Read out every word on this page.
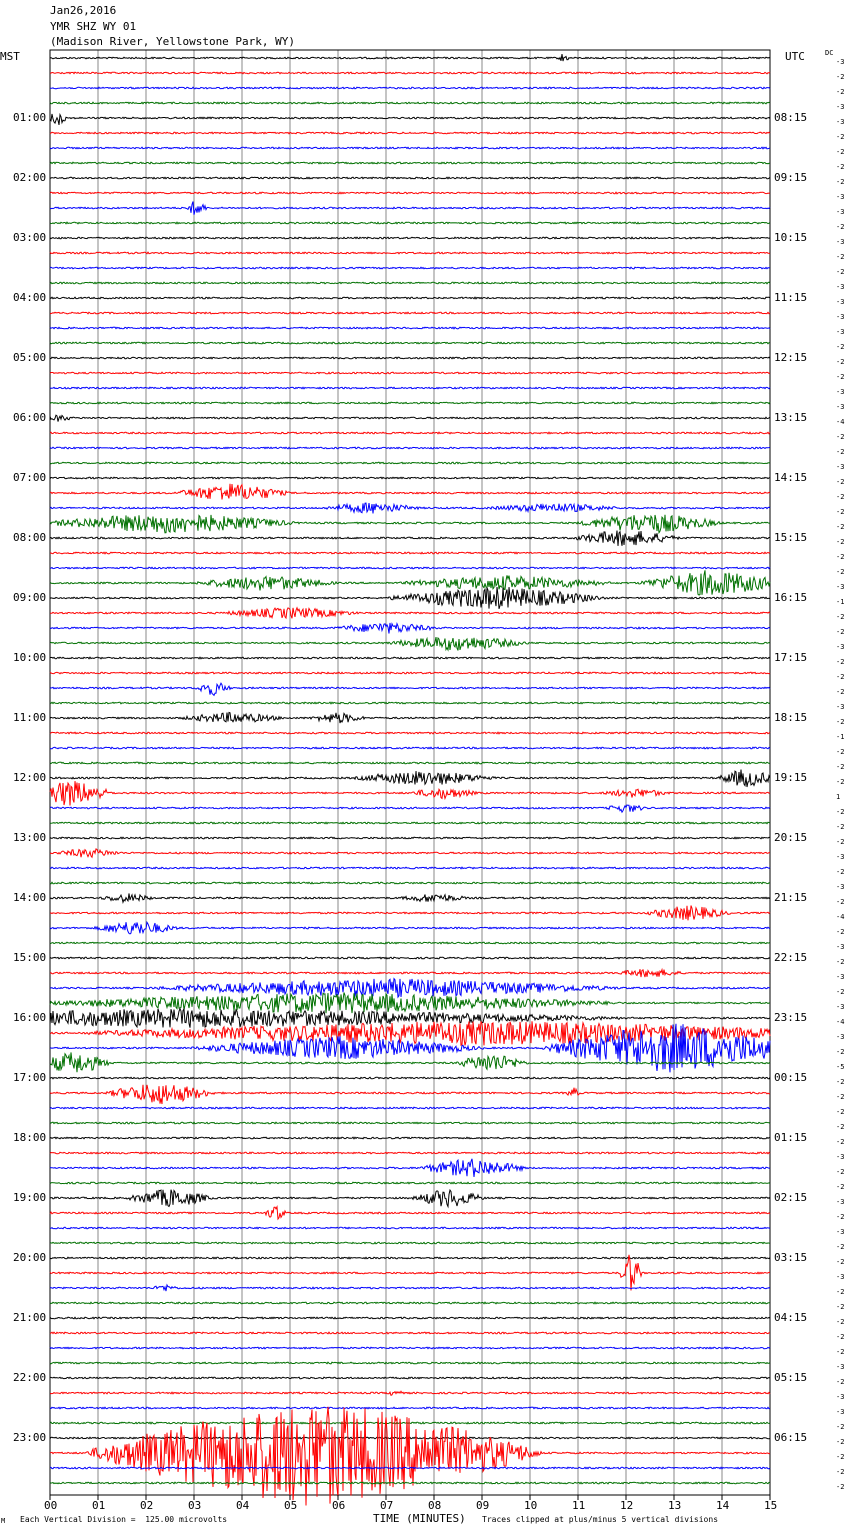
Jan26,2016
YMR SHZ WY 01
(Madison River, Yellowstone Park, WY)
MST	UTC	DC
01:00
02:00
03:00
04:00
05:00
06:00
07:00
08:00
09:00
10:00
11:00
12:00
13:00
14:00
15:00
16:00
17:00
18:00
19:00
20:00
21:00
22:00
23:00
08:15
09:15
10:15
11:15
12:15
13:15
14:15
15:15
16:15
17:15
18:15
19:15
20:15
21:15
22:15
23:15
00:15
01:15
02:15
03:15
04:15
05:15
06:15
-3
-2
-2
-3
-3
-2
-2
-2
-2
-3
-3
-2
-3
-2
-2
-3
-3
-3
-3
-2
-2
-2
-3
-3
-4
-2
-2
-3
-2
-2
-2
-2
-2
-2
-2
-3
-1
-2
-2
-3
-2
-2
-2
-3
-2
-1
-2
-2
-2
1
-2
-2
-2
-3
-2
-3
-2
-4
-2
-3
-2
-3
-2
-3
-4
-3
-2
-5
-2
-2
-2
-2
-2
-3
-2
-2
-3
-2
-3
-2
-2
-3
-2
-2
-2
-2
-2
-3
-2
-3
-3
-2
-2
-2
-2
-2
00	01	02	03	04	05	06	07	08	09	10	11	12	13	14	15
M Each Vertical Division =  125.00 microvolts	TIME (MINUTES) Traces clipped at plus/minus 5 vertical divisions
